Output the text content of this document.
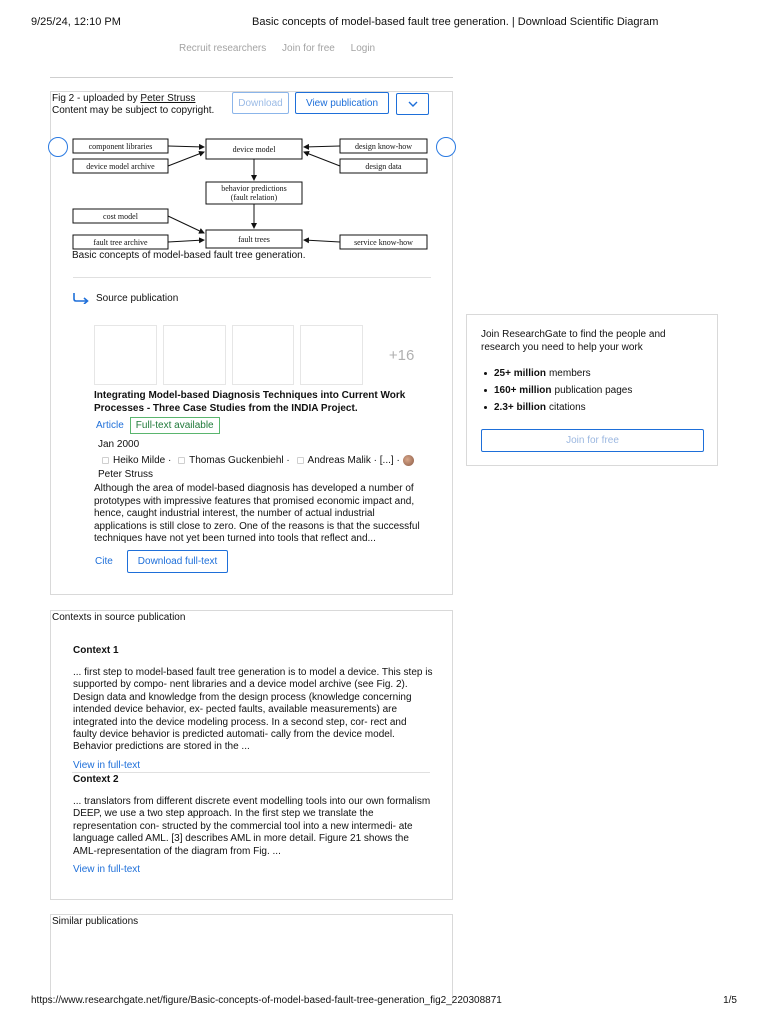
9/25/24, 12:10 PM	Basic concepts of model-based fault tree generation. | Download Scientific Diagram
Recruit researchers Join for free Login
Fig 2 - uploaded by Peter Struss
Content may be subject to copyright.
Download	View publication
component libraries
device model archive
device model	design know-how
design data
behavior predictions
(fault relation)
cost model
fault tree archive	fault trees	service know-how
Basic concepts of model-based fault tree generation.
Source publication
+16
Integrating Model-based Diagnosis Techniques into Current Work Processes - Three Case Studies from the INDIA Project.
Article	Full-text available
Jan 2000
Heiko Milde · Thomas Guckenbiehl · Andreas Malik · [...] ·
Peter Struss
Although the area of model-based diagnosis has developed a number of prototypes with impressive features that promised economic impact and, hence, caught industrial interest, the number of actual industrial applications is still close to zero. One of the reasons is that the successful techniques have not yet been turned into tools that reflect and...
Cite	Download full-text
Contexts in source publication
Context 1
... first step to model-based fault tree generation is to model a device. This step is supported by compo- nent libraries and a device model archive (see Fig. 2). Design data and knowledge from the design process (knowledge concerning intended device behavior, ex- pected faults, available measurements) are integrated into the device modeling process. In a second step, cor- rect and faulty device behavior is predicted automati- cally from the device model. Behavior predictions are stored in the ...
View in full-text
Context 2
... translators from different discrete event modelling tools into our own formalism DEEP, we use a two step approach. In the first step we translate the representation con- structed by the commercial tool into a new intermedi- ate language called AML. [3] describes AML in more detail. Figure 21 shows the AML-representation of the diagram from Fig. ...
View in full-text
Similar publications
Join ResearchGate to find the people and research you need to help your work
25+ million members
160+ million publication pages
2.3+ billion citations
Join for free
https://www.researchgate.net/figure/Basic-concepts-of-model-based-fault-tree-generation_fig2_220308871	1/5
